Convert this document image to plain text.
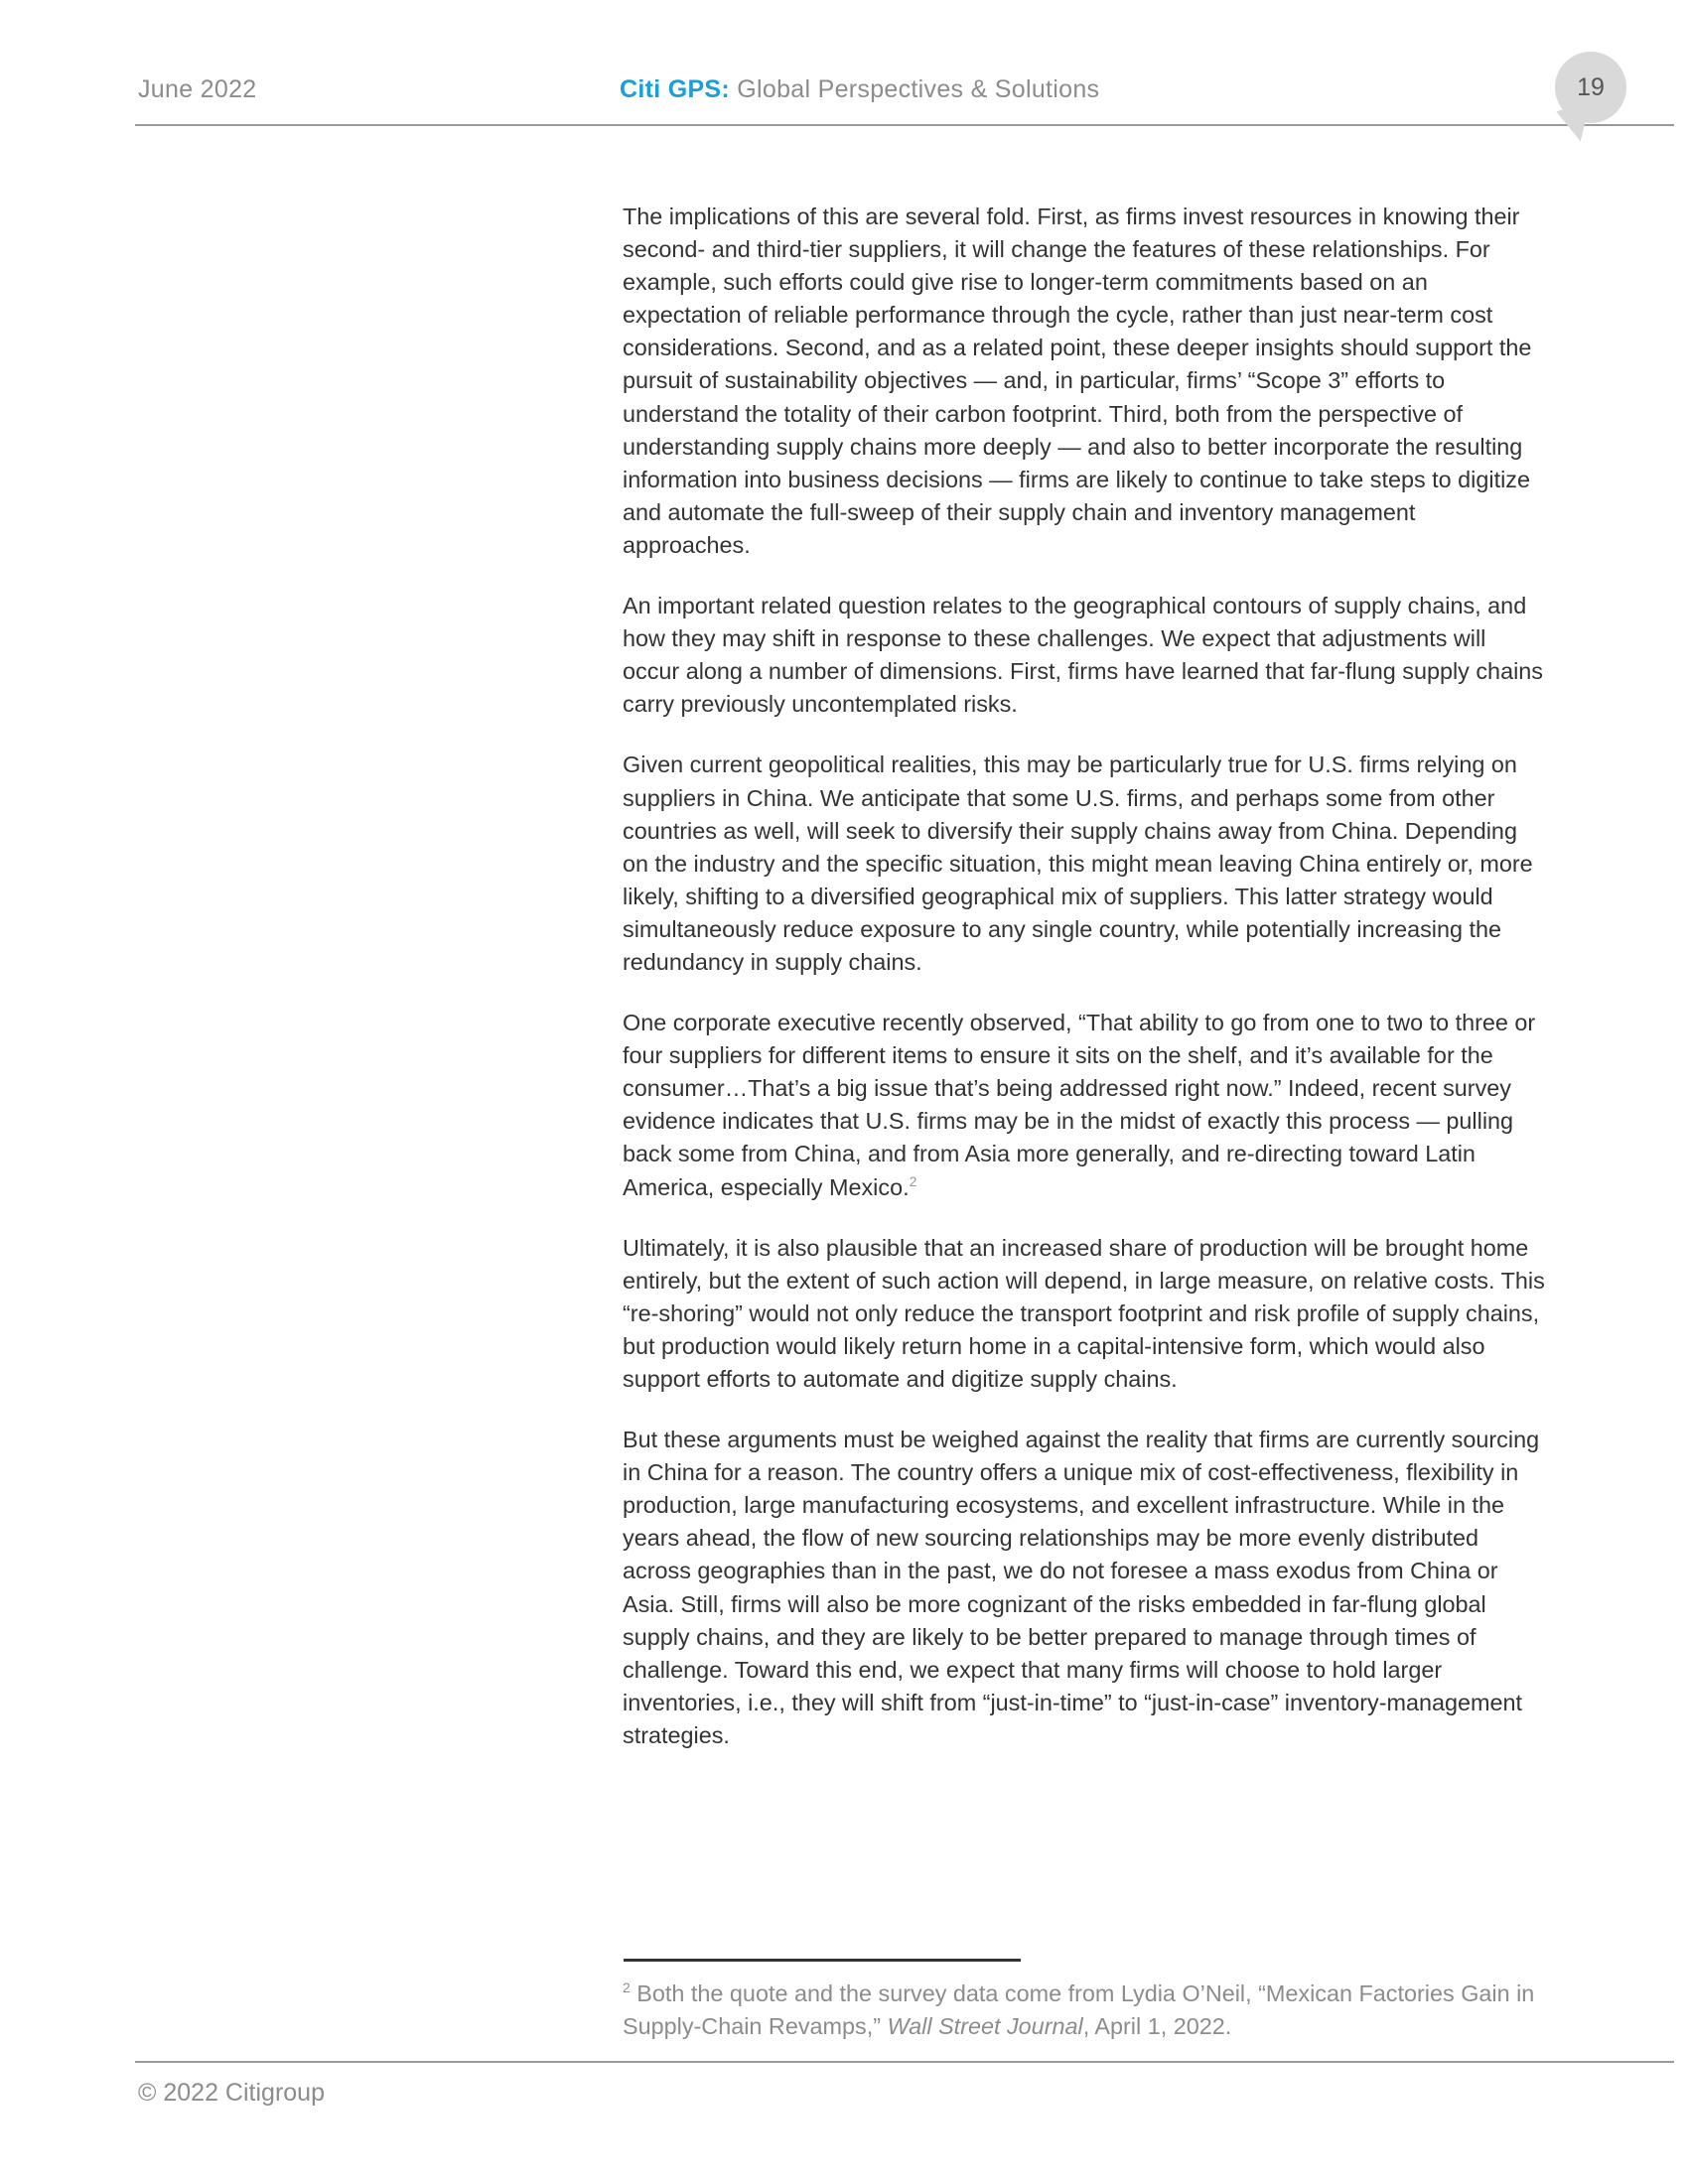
June 2022	Citi GPS: Global Perspectives & Solutions	19

The implications of this are several fold. First, as firms invest resources in knowing their second- and third-tier suppliers, it will change the features of these relationships. For example, such efforts could give rise to longer-term commitments based on an expectation of reliable performance through the cycle, rather than just near-term cost considerations. Second, and as a related point, these deeper insights should support the pursuit of sustainability objectives — and, in particular, firms’ “Scope 3” efforts to understand the totality of their carbon footprint. Third, both from the perspective of understanding supply chains more deeply — and also to better incorporate the resulting information into business decisions — firms are likely to continue to take steps to digitize and automate the full-sweep of their supply chain and inventory management approaches.

An important related question relates to the geographical contours of supply chains, and how they may shift in response to these challenges. We expect that adjustments will occur along a number of dimensions. First, firms have learned that far-flung supply chains carry previously uncontemplated risks.

Given current geopolitical realities, this may be particularly true for U.S. firms relying on suppliers in China. We anticipate that some U.S. firms, and perhaps some from other countries as well, will seek to diversify their supply chains away from China. Depending on the industry and the specific situation, this might mean leaving China entirely or, more likely, shifting to a diversified geographical mix of suppliers. This latter strategy would simultaneously reduce exposure to any single country, while potentially increasing the redundancy in supply chains.

One corporate executive recently observed, “That ability to go from one to two to three or four suppliers for different items to ensure it sits on the shelf, and it’s available for the consumer…That’s a big issue that’s being addressed right now.” Indeed, recent survey evidence indicates that U.S. firms may be in the midst of exactly this process — pulling back some from China, and from Asia more generally, and re-directing toward Latin America, especially Mexico.$^2$

Ultimately, it is also plausible that an increased share of production will be brought home entirely, but the extent of such action will depend, in large measure, on relative costs. This “re-shoring” would not only reduce the transport footprint and risk profile of supply chains, but production would likely return home in a capital-intensive form, which would also support efforts to automate and digitize supply chains.

But these arguments must be weighed against the reality that firms are currently sourcing in China for a reason. The country offers a unique mix of cost-effectiveness, flexibility in production, large manufacturing ecosystems, and excellent infrastructure. While in the years ahead, the flow of new sourcing relationships may be more evenly distributed across geographies than in the past, we do not foresee a mass exodus from China or Asia. Still, firms will also be more cognizant of the risks embedded in far-flung global supply chains, and they are likely to be better prepared to manage through times of challenge. Toward this end, we expect that many firms will choose to hold larger inventories, i.e., they will shift from “just-in-time” to “just-in-case” inventory-management strategies.

$^2$ Both the quote and the survey data come from Lydia O’Neil, “Mexican Factories Gain in Supply-Chain Revamps,” Wall Street Journal, April 1, 2022.
© 2022 Citigroup
